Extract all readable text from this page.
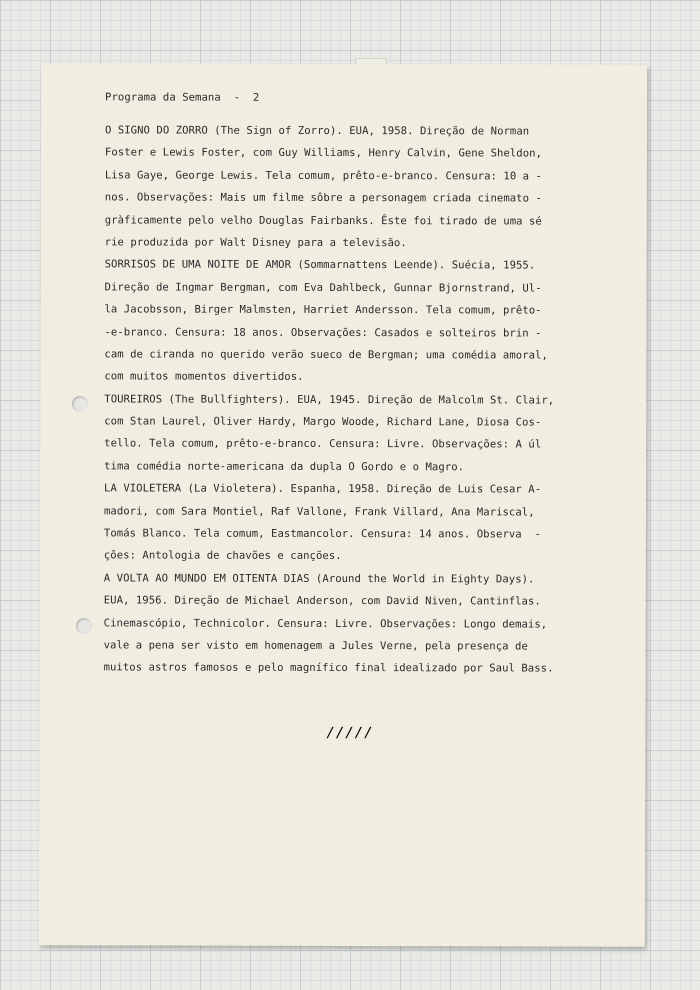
Programa da Semana  -  2
O SIGNO DO ZORRO (The Sign of Zorro). EUA, 1958. Direção de Norman
Foster e Lewis Foster, com Guy Williams, Henry Calvin, Gene Sheldon,
Lisa Gaye, George Lewis. Tela comum, prêto-e-branco. Censura: 10 a -
nos. Observações: Mais um filme sôbre a personagem criada cinemato -
gràficamente pelo velho Douglas Fairbanks. Êste foi tirado de uma sé
rie produzida por Walt Disney para a televisão.
SORRISOS DE UMA NOITE DE AMOR (Sommarnattens Leende). Suécia, 1955.
Direção de Ingmar Bergman, com Eva Dahlbeck, Gunnar Bjornstrand, Ul-
la Jacobsson, Birger Malmsten, Harriet Andersson. Tela comum, prêto-
-e-branco. Censura: 18 anos. Observações: Casados e solteiros brin -
cam de ciranda no querido verão sueco de Bergman; uma comédia amoral,
com muitos momentos divertidos.
TOUREIROS (The Bullfighters). EUA, 1945. Direção de Malcolm St. Clair,
com Stan Laurel, Oliver Hardy, Margo Woode, Richard Lane, Diosa Cos-
tello. Tela comum, prêto-e-branco. Censura: Livre. Observações: A úl
tima comédia norte-americana da dupla O Gordo e o Magro.
LA VIOLETERA (La Violetera). Espanha, 1958. Direção de Luis Cesar A-
madori, com Sara Montiel, Raf Vallone, Frank Villard, Ana Mariscal,
Tomás Blanco. Tela comum, Eastmancolor. Censura: 14 anos. Observa  -
ções: Antologia de chavões e canções.
A VOLTA AO MUNDO EM OITENTA DIAS (Around the World in Eighty Days).
EUA, 1956. Direção de Michael Anderson, com David Niven, Cantinflas.
Cinemascópio, Technicolor. Censura: Livre. Observações: Longo demais,
vale a pena ser visto em homenagem a Jules Verne, pela presença de
muitos astros famosos e pelo magnífico final idealizado por Saul Bass.
/////
